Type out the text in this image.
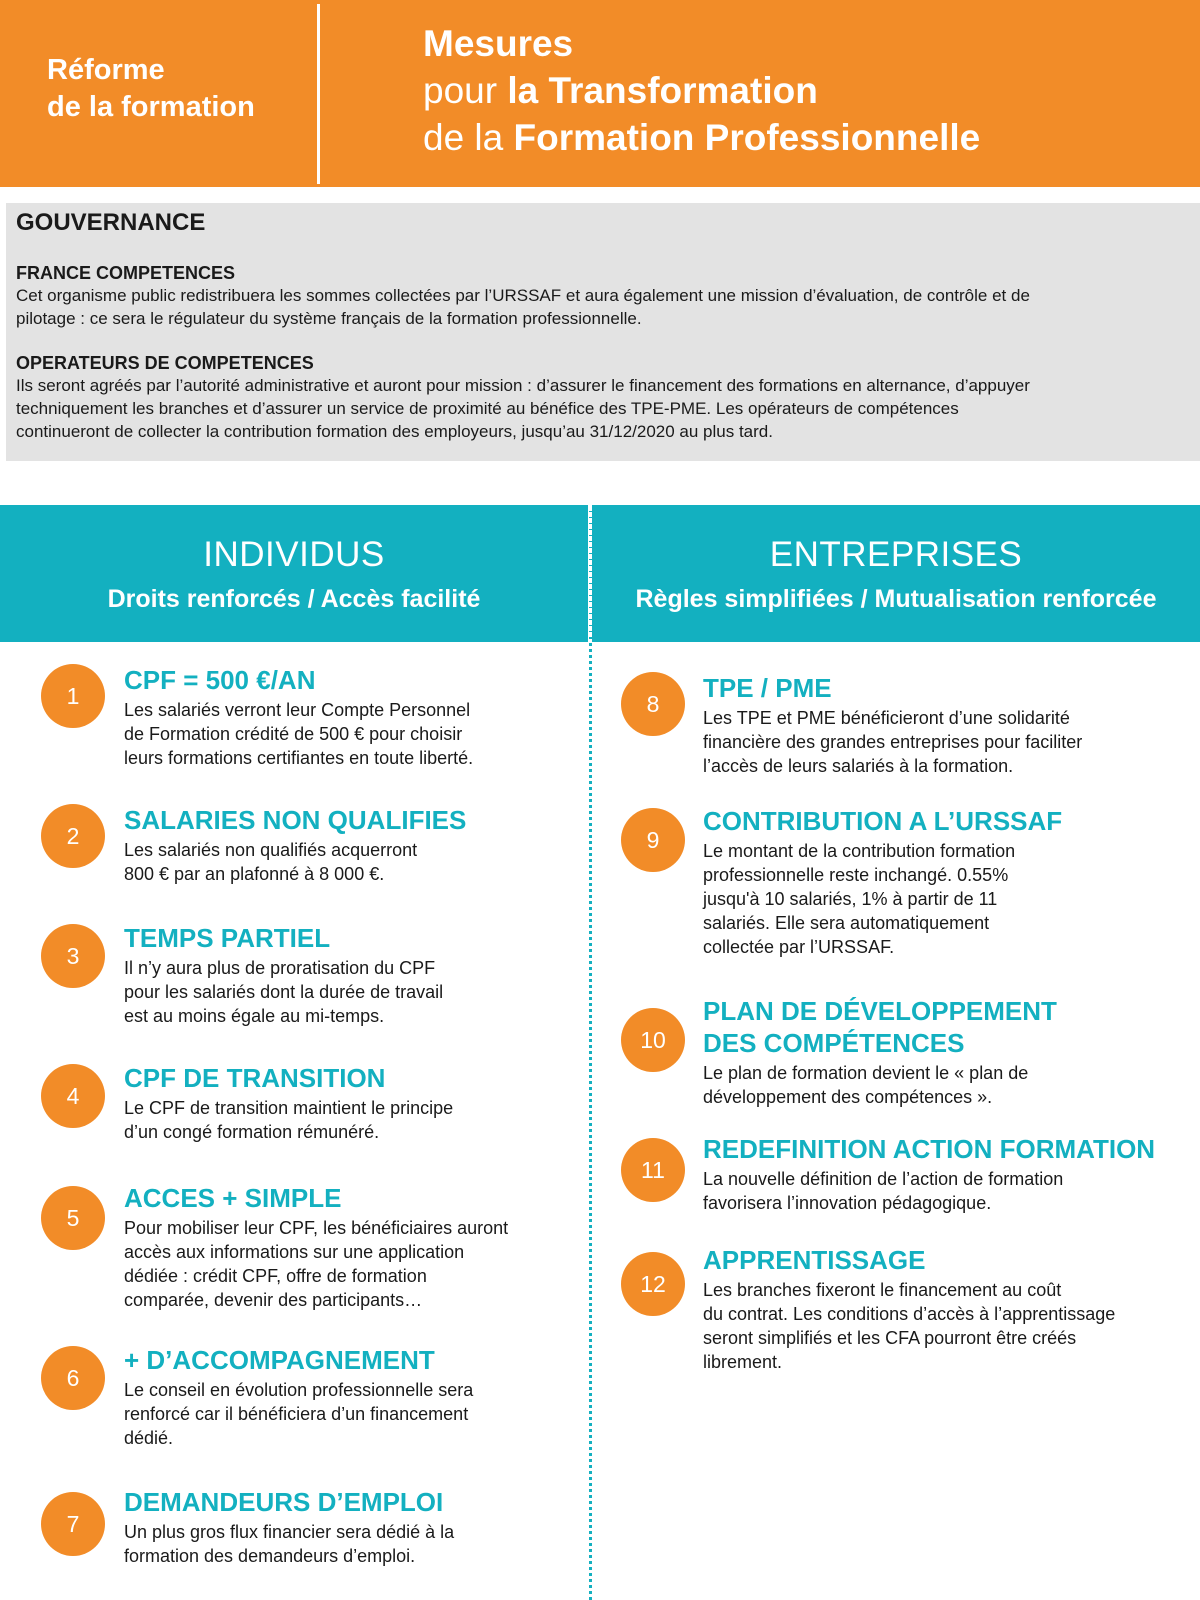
Réforme
de la formation
Mesures
pour la Transformation
de la Formation Professionnelle
GOUVERNANCE
FRANCE COMPETENCES
Cet organisme public redistribuera les sommes collectées par l’URSSAF et aura également une mission d’évaluation, de contrôle et de
pilotage : ce sera le régulateur du système français de la formation professionnelle.
OPERATEURS DE COMPETENCES
Ils seront agréés par l’autorité administrative et auront pour mission : d’assurer le financement des formations en alternance, d’appuyer
techniquement les branches et d’assurer un service de proximité au bénéfice des TPE-PME. Les opérateurs de compétences
continueront de collecter la contribution formation des employeurs, jusqu’au 31/12/2020 au plus tard.
INDIVIDUS
Droits renforcés / Accès facilité
ENTREPRISES
Règles simplifiées / Mutualisation renforcée
1
CPF = 500 €/AN
Les salariés verront leur Compte Personnel
de Formation crédité de 500 € pour choisir
leurs formations certifiantes en toute liberté.
2
SALARIES NON QUALIFIES
Les salariés non qualifiés acquerront
800 € par an plafonné à 8 000 €.
3
TEMPS PARTIEL
Il n’y aura plus de proratisation du CPF
pour les salariés dont la durée de travail
est au moins égale au mi-temps.
4
CPF DE TRANSITION
Le CPF de transition maintient le principe
d’un congé formation rémunéré.
5
ACCES + SIMPLE
Pour mobiliser leur CPF, les bénéficiaires auront
accès aux informations sur une application
dédiée : crédit CPF, offre de formation
comparée, devenir des participants…
6
+ D’ACCOMPAGNEMENT
Le conseil en évolution professionnelle sera
renforcé car il bénéficiera d’un financement
dédié.
7
DEMANDEURS D’EMPLOI
Un plus gros flux financier sera dédié à la
formation des demandeurs d’emploi.
8
TPE / PME
Les TPE et PME bénéficieront d’une solidarité
financière des grandes entreprises pour faciliter
l’accès de leurs salariés à la formation.
9
CONTRIBUTION A L’URSSAF
Le montant de la contribution formation
professionnelle reste inchangé. 0.55%
jusqu'à 10 salariés, 1% à partir de 11
salariés. Elle sera automatiquement
collectée par l’URSSAF.
10
PLAN DE DÉVELOPPEMENT
DES COMPÉTENCES
Le plan de formation devient le « plan de
développement des compétences ».
11
REDEFINITION ACTION FORMATION
La nouvelle définition de l’action de formation
favorisera l’innovation pédagogique.
12
APPRENTISSAGE
Les branches fixeront le financement au coût
du contrat. Les conditions d’accès à l’apprentissage
seront simplifiés et les CFA pourront être créés
librement.
